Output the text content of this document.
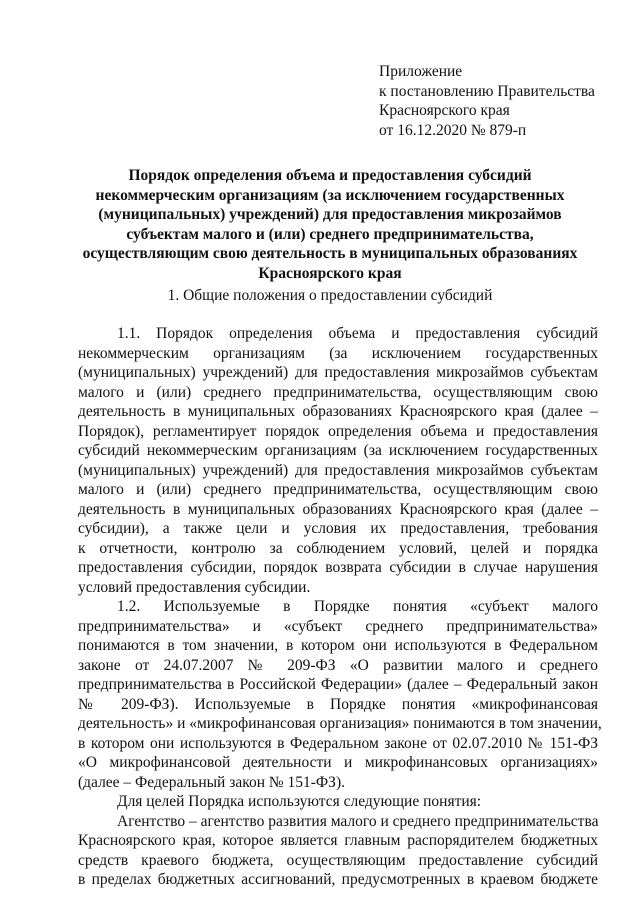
Приложение
к постановлению Правительства
Красноярского края
от 16.12.2020 № 879-п
Порядок определения объема и предоставления субсидий
некоммерческим организациям (за исключением государственных
(муниципальных) учреждений) для предоставления микрозаймов
субъектам малого и (или) среднего предпринимательства,
осуществляющим свою деятельность в муниципальных образованиях
Красноярского края
1. Общие положения о предоставлении субсидий
1.1. Порядок определения объема и предоставления субсидий
некоммерческим организациям (за исключением государственных
(муниципальных) учреждений) для предоставления микрозаймов субъектам
малого и (или) среднего предпринимательства, осуществляющим свою
деятельность в муниципальных образованиях Красноярского края (далее –
Порядок), регламентирует порядок определения объема и предоставления
субсидий некоммерческим организациям (за исключением государственных
(муниципальных) учреждений) для предоставления микрозаймов субъектам
малого и (или) среднего предпринимательства, осуществляющим свою
деятельность в муниципальных образованиях Красноярского края (далее –
субсидии), а также цели и условия их предоставления, требования
к отчетности, контролю за соблюдением условий, целей и порядка
предоставления субсидии, порядок возврата субсидии в случае нарушения
условий предоставления субсидии.
1.2. Используемые в Порядке понятия «субъект малого
предпринимательства» и «субъект среднего предпринимательства»
понимаются в том значении, в котором они используются в Федеральном
законе от 24.07.2007 № 209-ФЗ «О развитии малого и среднего
предпринимательства в Российской Федерации» (далее – Федеральный закон
№ 209-ФЗ). Используемые в Порядке понятия «микрофинансовая
деятельность» и «микрофинансовая организация» понимаются в том значении,
в котором они используются в Федеральном законе от 02.07.2010 № 151-ФЗ
«О микрофинансовой деятельности и микрофинансовых организациях»
(далее – Федеральный закон № 151-ФЗ).
Для целей Порядка используются следующие понятия:
Агентство – агентство развития малого и среднего предпринимательства
Красноярского края, которое является главным распорядителем бюджетных
средств краевого бюджета, осуществляющим предоставление субсидий
в пределах бюджетных ассигнований, предусмотренных в краевом бюджете
